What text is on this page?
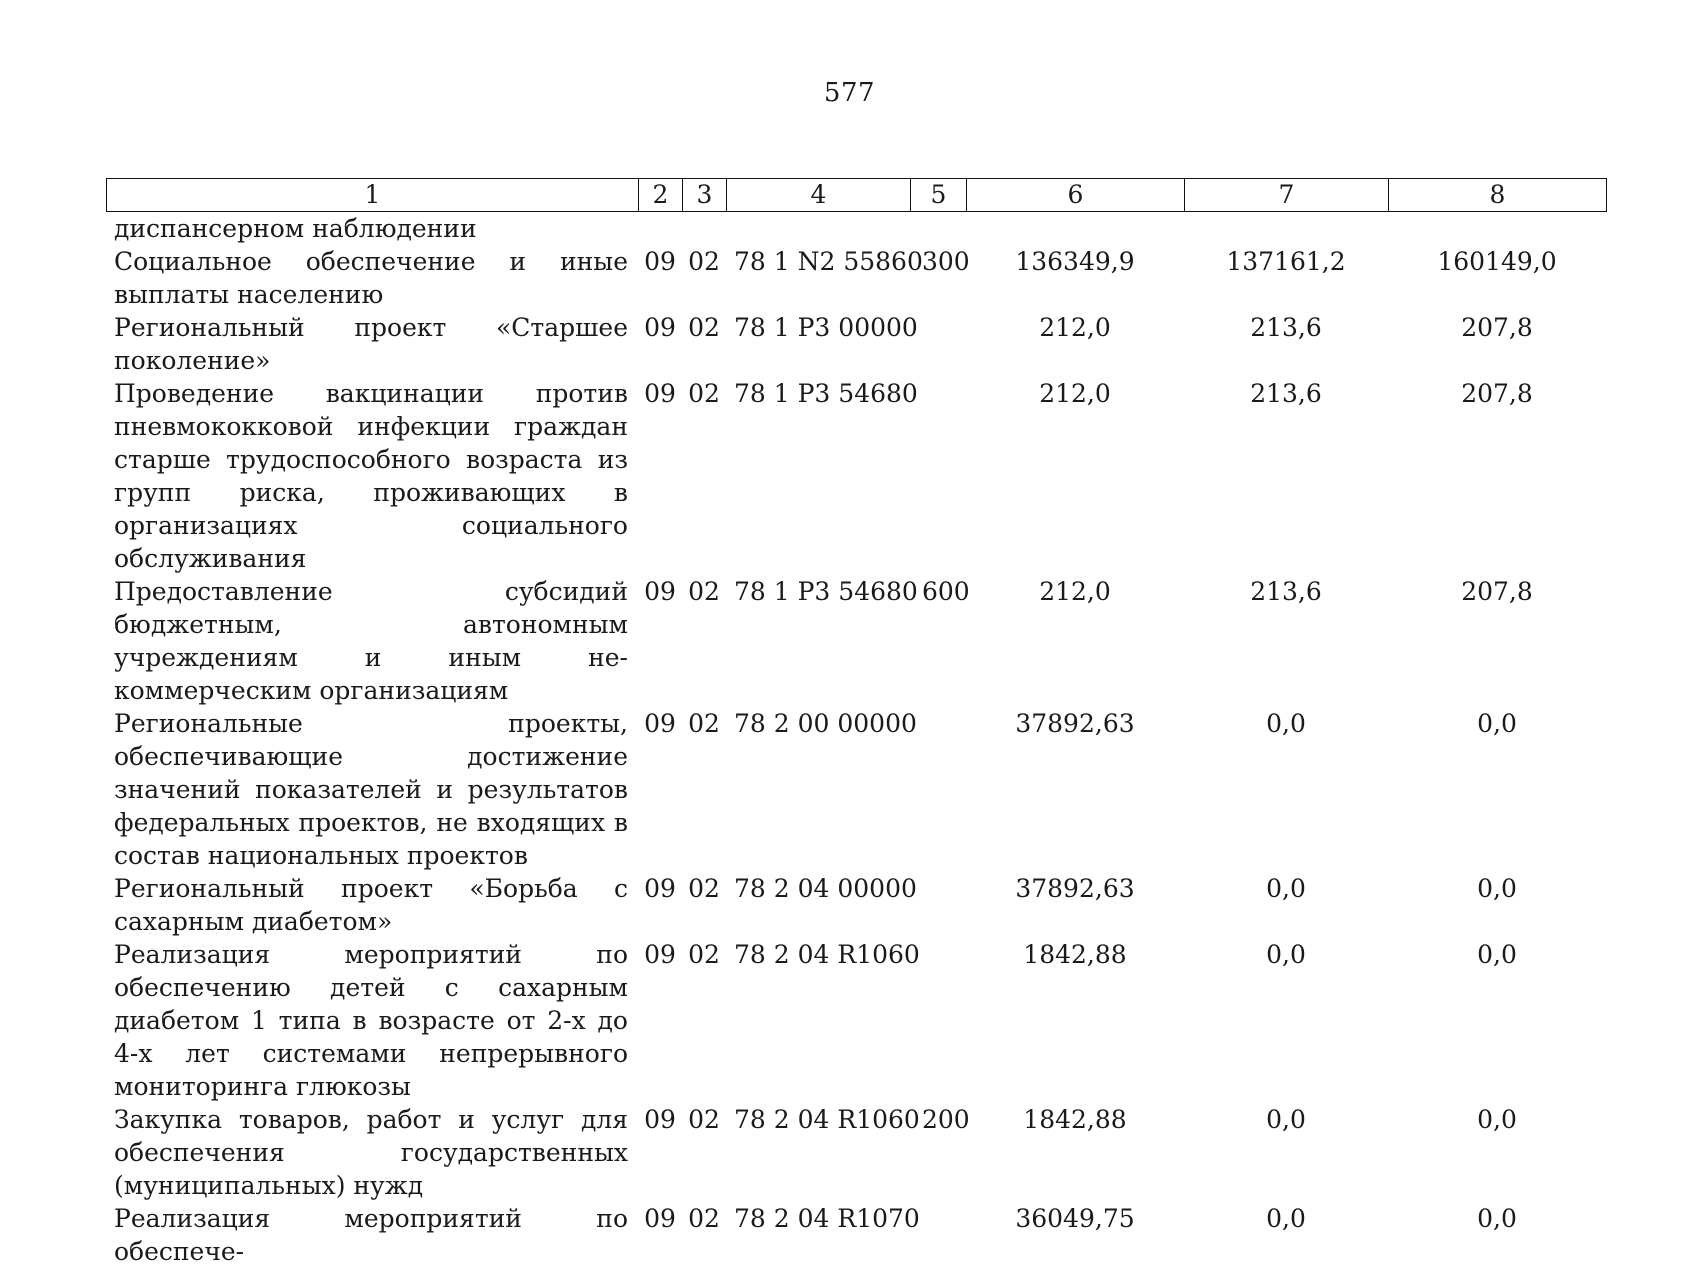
577
1	2	3	4	5	6	7	8
диспансерном наблюдении							
Социальное обеспечение и иные выплаты населению	09	02	78 1 N2 55860	300	136349,9	137161,2	160149,0
Региональный проект «Старшее поколение»	09	02	78 1 P3 00000		212,0	213,6	207,8
Проведение вакцинации против пневмококковой инфекции граждан старше трудоспособного возраста из групп риска, проживающих в организациях социального обслуживания	09	02	78 1 P3 54680		212,0	213,6	207,8
Предоставление субсидий бюджетным, автономным учреждениям и иным некоммерческим организациям	09	02	78 1 P3 54680	600	212,0	213,6	207,8
Региональные проекты, обеспечивающие достижение значений показателей и результатов федеральных проектов, не входящих в состав национальных проектов	09	02	78 2 00 00000		37892,63	0,0	0,0
Региональный проект «Борьба с сахарным диабетом»	09	02	78 2 04 00000		37892,63	0,0	0,0
Реализация мероприятий по обеспечению детей с сахарным диабетом 1 типа в возрасте от 2-х до 4-х лет системами непрерывного мониторинга глюкозы	09	02	78 2 04 R1060		1842,88	0,0	0,0
Закупка товаров, работ и услуг для обеспечения государственных (муниципальных) нужд	09	02	78 2 04 R1060	200	1842,88	0,0	0,0
Реализация мероприятий по обеспече-	09	02	78 2 04 R1070		36049,75	0,0	0,0
